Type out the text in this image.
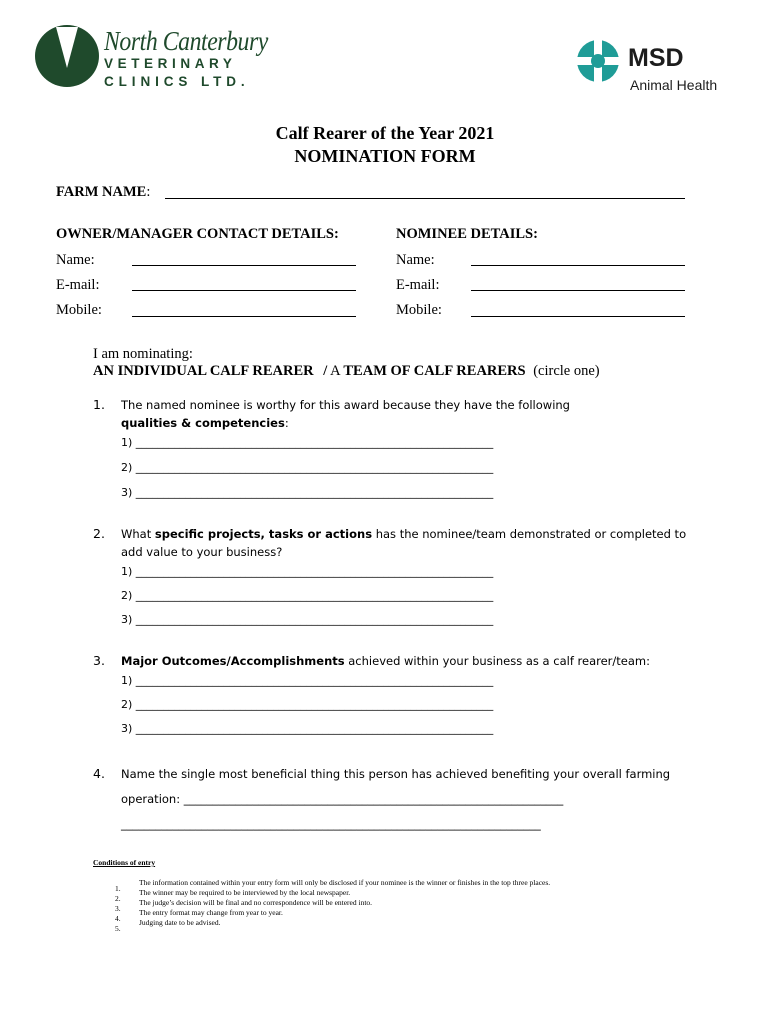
North Canterbury
VETERINARY
CLINICS LTD.
MSD
Animal Health
Calf Rearer of the Year 2021
NOMINATION FORM
FARM NAME:
OWNER/MANAGER CONTACT DETAILS:	NOMINEE DETAILS:
Name:
E-mail:
Mobile:
Name:
E-mail:
Mobile:
I am nominating:
AN INDIVIDUAL CALF REARER / A TEAM OF CALF REARERS (circle one)
1. The named nominee is worthy for this award because they have the following
qualities & competencies:
1) _________________________________________________________________
2) _________________________________________________________________
3) _________________________________________________________________
2. What specific projects, tasks or actions has the nominee/team demonstrated or completed to
add value to your business?
1) _________________________________________________________________
2) _________________________________________________________________
3) _________________________________________________________________
3. Major Outcomes/Accomplishments achieved within your business as a calf rearer/team:
1) _________________________________________________________________
2) _________________________________________________________________
3) _________________________________________________________________
4. Name the single most beneficial thing this person has achieved benefiting your overall farming
operation: __________________________________________________________________
_________________________________________________________________________
Conditions of entry
1.
The information contained within your entry form will only be disclosed if your nominee is the winner or finishes in the top three places.
2.
The winner may be required to be interviewed by the local newspaper.
3.
The judge’s decision will be final and no correspondence will be entered into.
4.
The entry format may change from year to year.
5.
Judging date to be advised.
